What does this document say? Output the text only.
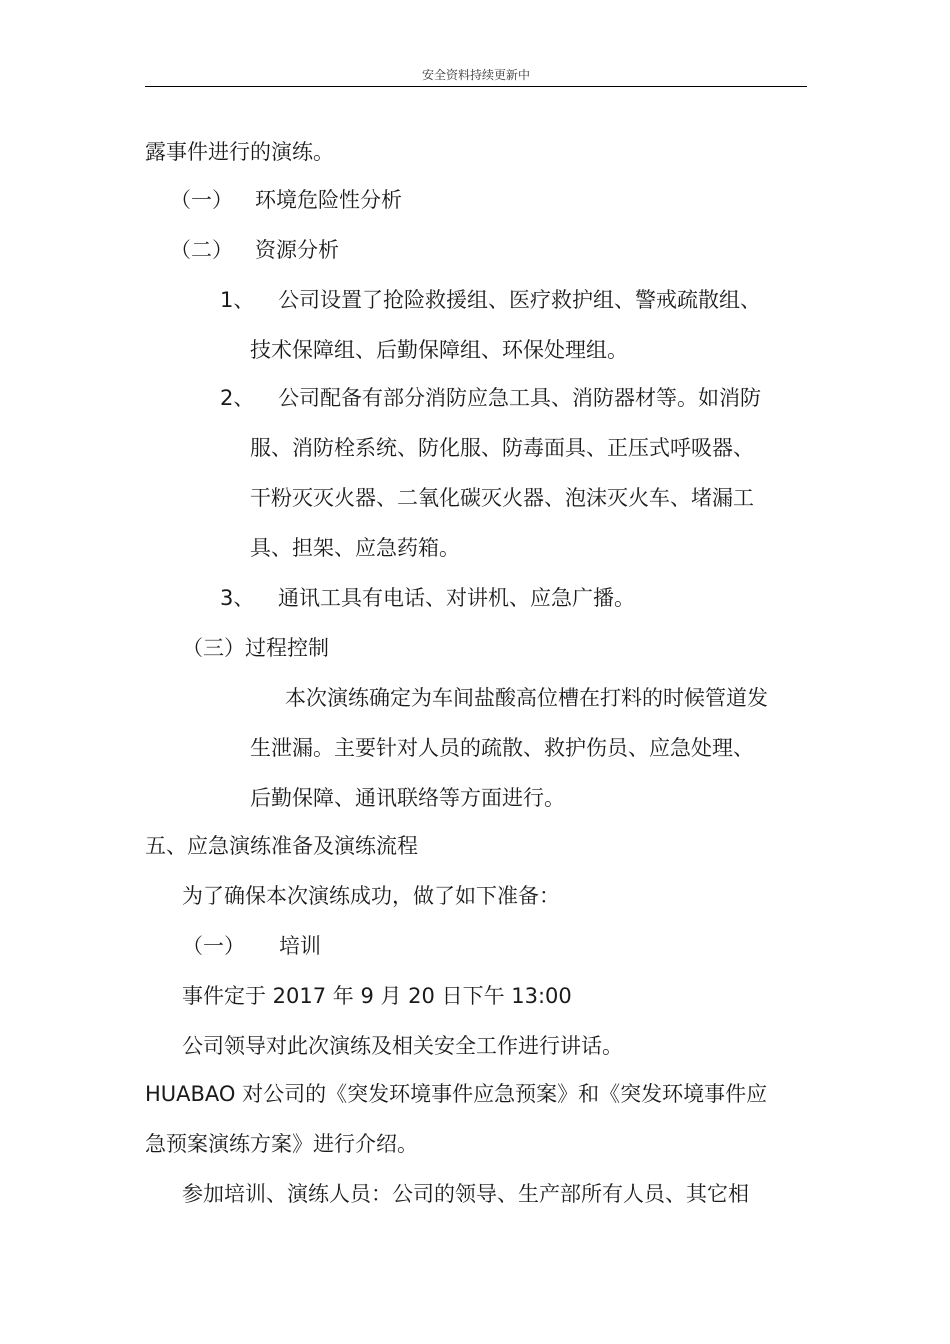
安全资料持续更新中
露事件进行的演练。
（一） 环境危险性分析
（二） 资源分析
1、 公司设置了抢险救援组、医疗救护组、警戒疏散组、
技术保障组、后勤保障组、环保处理组。
2、 公司配备有部分消防应急工具、消防器材等。如消防
服、消防栓系统、防化服、防毒面具、正压式呼吸器、
干粉灭灭火器、二氧化碳灭火器、泡沫灭火车、堵漏工
具、担架、应急药箱。
3、 通讯工具有电话、对讲机、应急广播。
（三）过程控制
本次演练确定为车间盐酸高位槽在打料的时候管道发
生泄漏。主要针对人员的疏散、救护伤员、应急处理、
后勤保障、通讯联络等方面进行。
五、应急演练准备及演练流程
为了确保本次演练成功，做了如下准备：
（一） 培训
事件定于 2017 年 9 月 20 日下午 13:00
公司领导对此次演练及相关安全工作进行讲话。
HUABAO 对公司的《突发环境事件应急预案》和《突发环境事件应
急预案演练方案》进行介绍。
参加培训、演练人员：公司的领导、生产部所有人员、其它相
